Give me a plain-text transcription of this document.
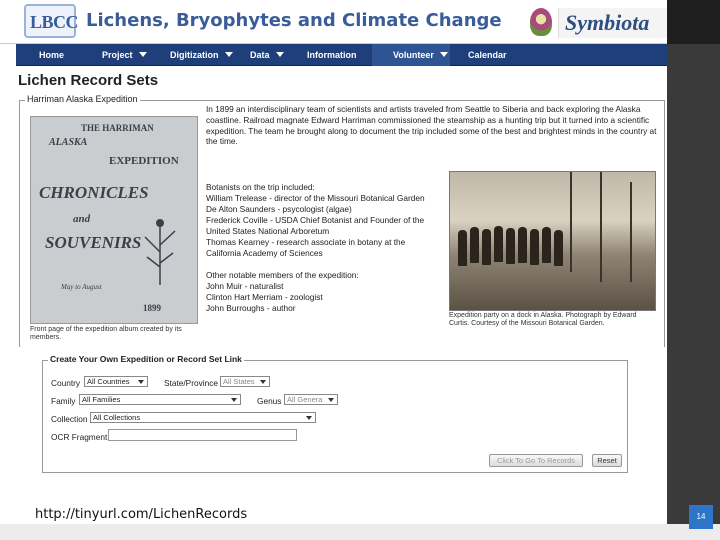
LBCC Lichens, Bryophytes and Climate Change	Symbiota
Home	Project	Digitization	Data	Information	Volunteer	Calendar
Lichen Record Sets
Harriman Alaska Expedition
THE HARRIMAN
ALASKA
EXPEDITION
CHRONICLES
and
SOUVENIRS
May to August
1899
Front page of the expedition album created by its members.
In 1899 an interdisciplinary team of scientists and artists traveled from Seattle to Siberia and back exploring the Alaska coastline. Railroad magnate Edward Harriman commissioned the steamship as a hunting trip but it turned into a scientific expedition. The team he brought along to document the trip included some of the best and brightest minds in the country at the time.
Botanists on the trip included:
William Trelease - director of the Missouri Botanical Garden
De Alton Saunders - psycologist (algae)
Frederick Coville - USDA Chief Botanist and Founder of the
United States National Arboretum
Thomas Kearney - research associate in botany at the
California Academy of Sciences
Other notable members of the expedition:
John Muir - naturalist
Clinton Hart Merriam - zoologist
John Burroughs - author
Expedition party on a dock in Alaska. Photograph by Edward Curtis. Courtesy of the Missouri Botanical Garden.
Create Your Own Expedition or Record Set Link
Country All Countries	State/Province All States
Family All Families	Genus All Genera
Collection All Collections
OCR Fragment
Click To Go To Records	Reset
http://tinyurl.com/LichenRecords	14
